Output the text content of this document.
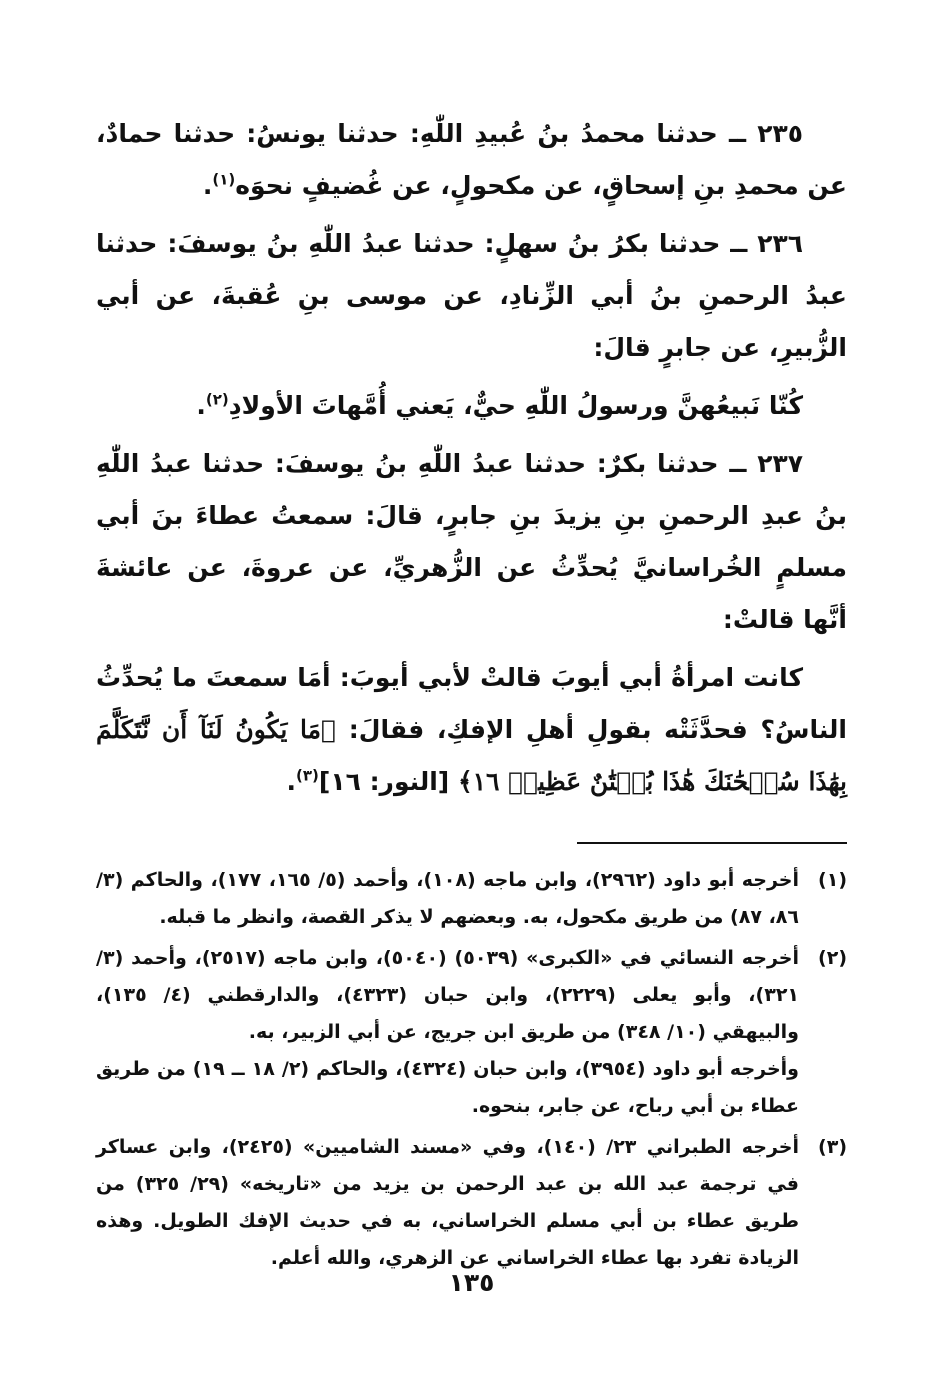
٢٣٥ ــ حدثنا محمدُ بنُ عُبيدِ اللّٰهِ: حدثنا يونسُ: حدثنا حمادٌ، عن محمدِ بنِ إسحاقٍ، عن مكحولٍ، عن غُضيفٍ نحوَه$^{(١)}$.

٢٣٦ ــ حدثنا بكرُ بنُ سهلٍ: حدثنا عبدُ اللّٰهِ بنُ يوسفَ: حدثنا عبدُ الرحمنِ بنُ أبي الزِّنادِ، عن موسى بنِ عُقبةَ، عن أبي الزُّبيرِ، عن جابرٍ قالَ:

كُنّا نَبيعُهنَّ ورسولُ اللّٰهِ حيٌّ، يَعني أُمَّهاتَ الأولادِ$^{(٢)}$.

٢٣٧ ــ حدثنا بكرٌ: حدثنا عبدُ اللّٰهِ بنُ يوسفَ: حدثنا عبدُ اللّٰهِ بنُ عبدِ الرحمنِ بنِ يزيدَ بنِ جابرٍ، قالَ: سمعتُ عطاءَ بنَ أبي مسلمٍ الخُراسانيَّ يُحدِّثُ عن الزُّهريِّ، عن عروةَ، عن عائشةَ أنَّها قالتْ:

كانت امرأةُ أبي أيوبَ قالتْ لأبي أيوبَ: أمَا سمعتَ ما يُحدِّثُ الناسُ؟ فحدَّثَتْه بقولِ أهلِ الإفكِ، فقالَ: ﴿مَا يَكُونُ لَنَآ أَن نَّتَكَلَّمَ بِهَٰذَا سُبۡحَٰنَكَ هَٰذَا بُهۡتَٰنٌ عَظِيمٞ ١٦﴾ [النور: ١٦]$^{(٣)}$.

(١)

أخرجه أبو داود (٢٩٦٢)، وابن ماجه (١٠٨)، وأحمد (٥/ ١٦٥، ١٧٧)، والحاكم (٣/ ٨٦، ٨٧) من طريق مكحول، به. وبعضهم لا يذكر القصة، وانظر ما قبله.

(٢)

أخرجه النسائي في «الكبرى» (٥٠٣٩) (٥٠٤٠)، وابن ماجه (٢٥١٧)، وأحمد (٣/ ٣٢١)، وأبو يعلى (٢٢٢٩)، وابن حبان (٤٣٢٣)، والدارقطني (٤/ ١٣٥)، والبيهقي (١٠/ ٣٤٨) من طريق ابن جريج، عن أبي الزبير، به.

وأخرجه أبو داود (٣٩٥٤)، وابن حبان (٤٣٢٤)، والحاكم (٢/ ١٨ ــ ١٩) من طريق عطاء بن أبي رباح، عن جابر، بنحوه.

(٣)

أخرجه الطبراني ٢٣/ (١٤٠)، وفي «مسند الشاميين» (٢٤٢٥)، وابن عساكر في ترجمة عبد الله بن عبد الرحمن بن يزيد من «تاريخه» (٢٩/ ٣٢٥) من طريق عطاء بن أبي مسلم الخراساني، به في حديث الإفك الطويل. وهذه الزيادة تفرد بها عطاء الخراساني عن الزهري، والله أعلم.

١٣٥
